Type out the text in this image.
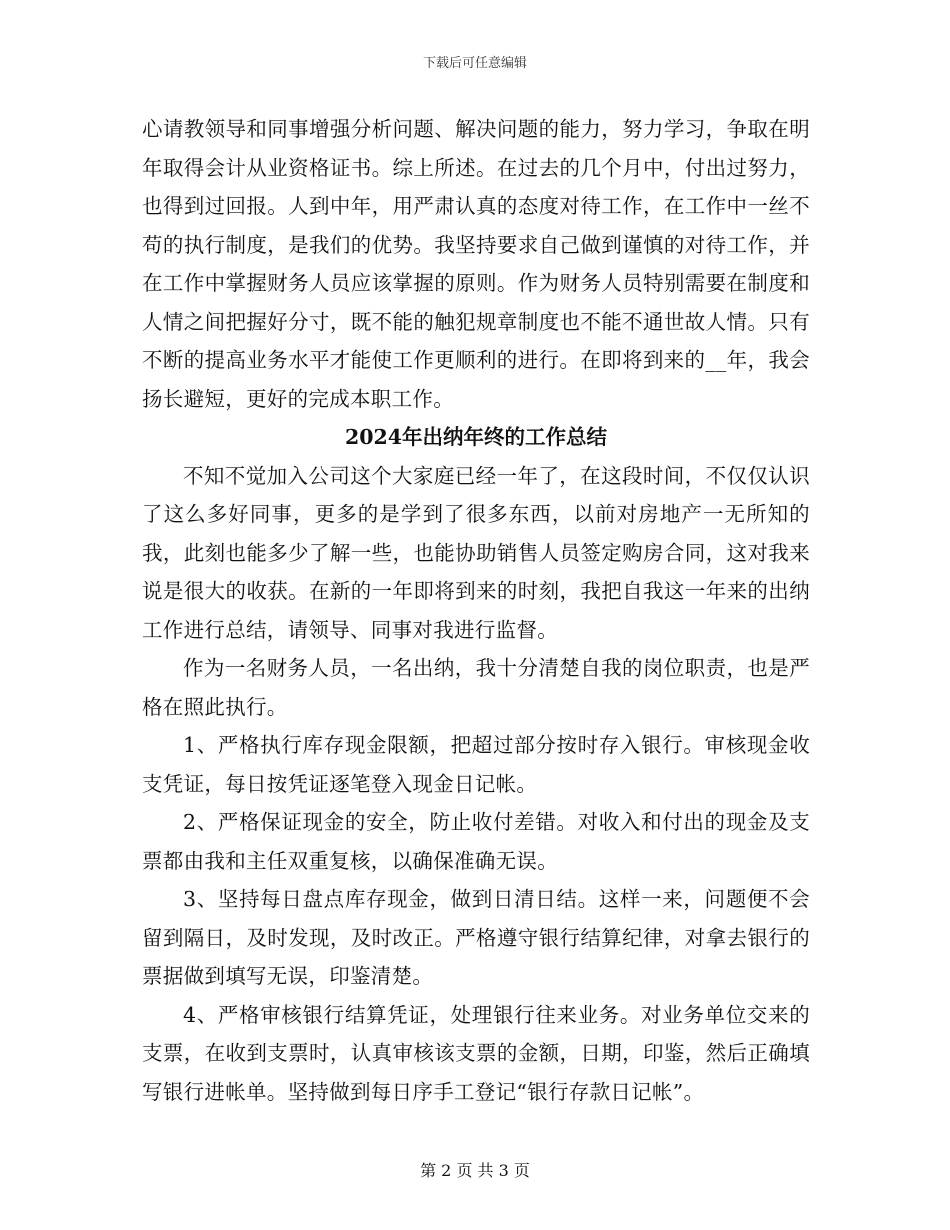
下载后可任意编辑

心请教领导和同事增强分析问题、解决问题的能力，努力学习，争取在明年取得会计从业资格证书。综上所述。在过去的几个月中，付出过努力，也得到过回报。人到中年，用严肃认真的态度对待工作，在工作中一丝不苟的执行制度，是我们的优势。我坚持要求自己做到谨慎的对待工作，并在工作中掌握财务人员应该掌握的原则。作为财务人员特别需要在制度和人情之间把握好分寸，既不能的触犯规章制度也不能不通世故人情。只有不断的提高业务水平才能使工作更顺利的进行。在即将到来的__年，我会扬长避短，更好的完成本职工作。

2024年出纳年终的工作总结

不知不觉加入公司这个大家庭已经一年了，在这段时间，不仅仅认识了这么多好同事，更多的是学到了很多东西，以前对房地产一无所知的我，此刻也能多少了解一些，也能协助销售人员签定购房合同，这对我来说是很大的收获。在新的一年即将到来的时刻，我把自我这一年来的出纳工作进行总结，请领导、同事对我进行监督。

作为一名财务人员，一名出纳，我十分清楚自我的岗位职责，也是严格在照此执行。

1、严格执行库存现金限额，把超过部分按时存入银行。审核现金收支凭证，每日按凭证逐笔登入现金日记帐。

2、严格保证现金的安全，防止收付差错。对收入和付出的现金及支票都由我和主任双重复核，以确保准确无误。

3、坚持每日盘点库存现金，做到日清日结。这样一来，问题便不会留到隔日，及时发现，及时改正。严格遵守银行结算纪律，对拿去银行的票据做到填写无误，印鉴清楚。

4、严格审核银行结算凭证，处理银行往来业务。对业务单位交来的支票，在收到支票时，认真审核该支票的金额，日期，印鉴，然后正确填写银行进帐单。坚持做到每日序手工登记“银行存款日记帐”。

第 2 页 共 3 页
